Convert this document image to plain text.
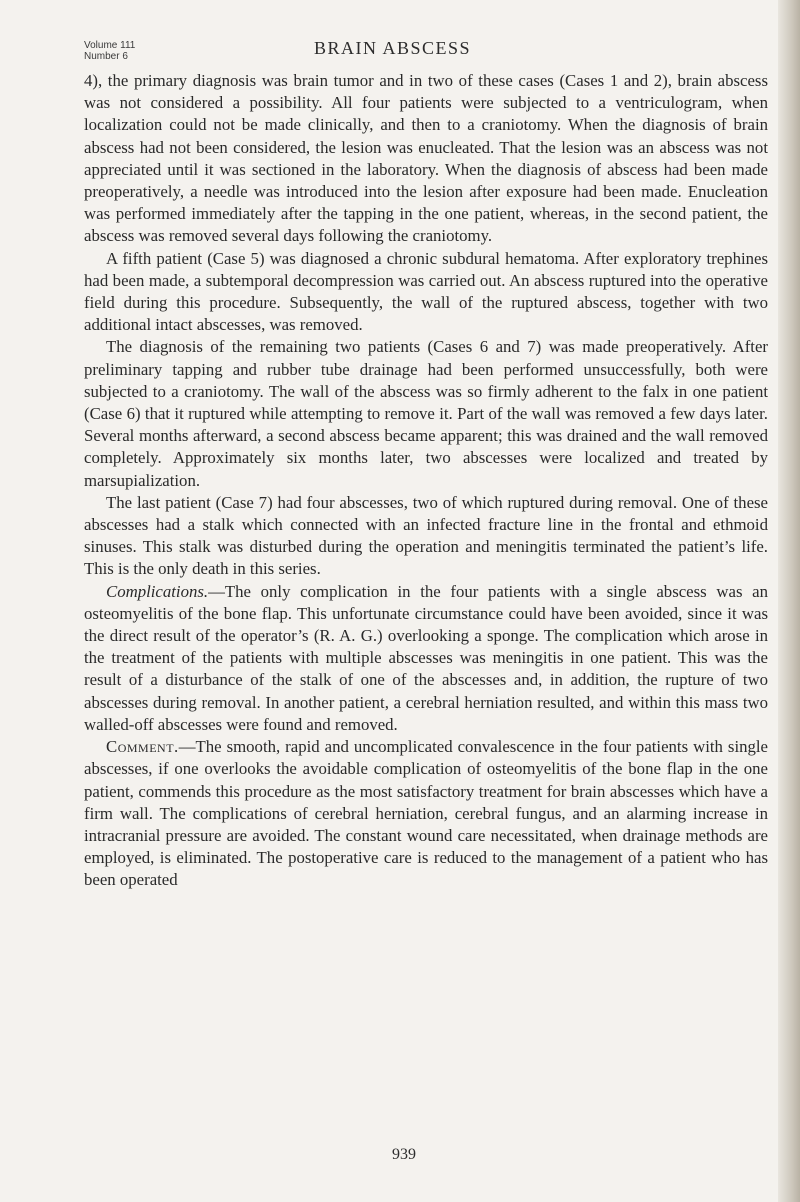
Volume 111
Number 6	BRAIN ABSCESS

4), the primary diagnosis was brain tumor and in two of these cases (Cases 1 and 2), brain abscess was not considered a possibility. All four patients were subjected to a ventriculogram, when localization could not be made clinically, and then to a craniotomy. When the diagnosis of brain abscess had not been considered, the lesion was enucleated. That the lesion was an abscess was not appreciated until it was sectioned in the laboratory. When the diagnosis of abscess had been made preoperatively, a needle was introduced into the lesion after exposure had been made. Enucleation was performed immediately after the tapping in the one patient, whereas, in the second patient, the abscess was removed several days following the craniotomy.

A fifth patient (Case 5) was diagnosed a chronic subdural hematoma. After exploratory trephines had been made, a subtemporal decompression was carried out. An abscess ruptured into the operative field during this procedure. Subsequently, the wall of the ruptured abscess, together with two additional intact abscesses, was removed.

The diagnosis of the remaining two patients (Cases 6 and 7) was made preoperatively. After preliminary tapping and rubber tube drainage had been performed unsuccessfully, both were subjected to a craniotomy. The wall of the abscess was so firmly adherent to the falx in one patient (Case 6) that it ruptured while attempting to remove it. Part of the wall was removed a few days later. Several months afterward, a second abscess became apparent; this was drained and the wall removed completely. Approximately six months later, two abscesses were localized and treated by marsupialization.

The last patient (Case 7) had four abscesses, two of which ruptured during removal. One of these abscesses had a stalk which connected with an infected fracture line in the frontal and ethmoid sinuses. This stalk was disturbed during the operation and meningitis terminated the patient’s life. This is the only death in this series.

Complications.—The only complication in the four patients with a single abscess was an osteomyelitis of the bone flap. This unfortunate circumstance could have been avoided, since it was the direct result of the operator’s (R. A. G.) overlooking a sponge. The complication which arose in the treatment of the patients with multiple abscesses was meningitis in one patient. This was the result of a disturbance of the stalk of one of the abscesses and, in addition, the rupture of two abscesses during removal. In another patient, a cerebral herniation resulted, and within this mass two walled-off abscesses were found and removed.

Comment.—The smooth, rapid and uncomplicated convalescence in the four patients with single abscesses, if one overlooks the avoidable complication of osteomyelitis of the bone flap in the one patient, commends this procedure as the most satisfactory treatment for brain abscesses which have a firm wall. The complications of cerebral herniation, cerebral fungus, and an alarming increase in intracranial pressure are avoided. The constant wound care necessitated, when drainage methods are employed, is eliminated. The postoperative care is reduced to the management of a patient who has been operated

939
